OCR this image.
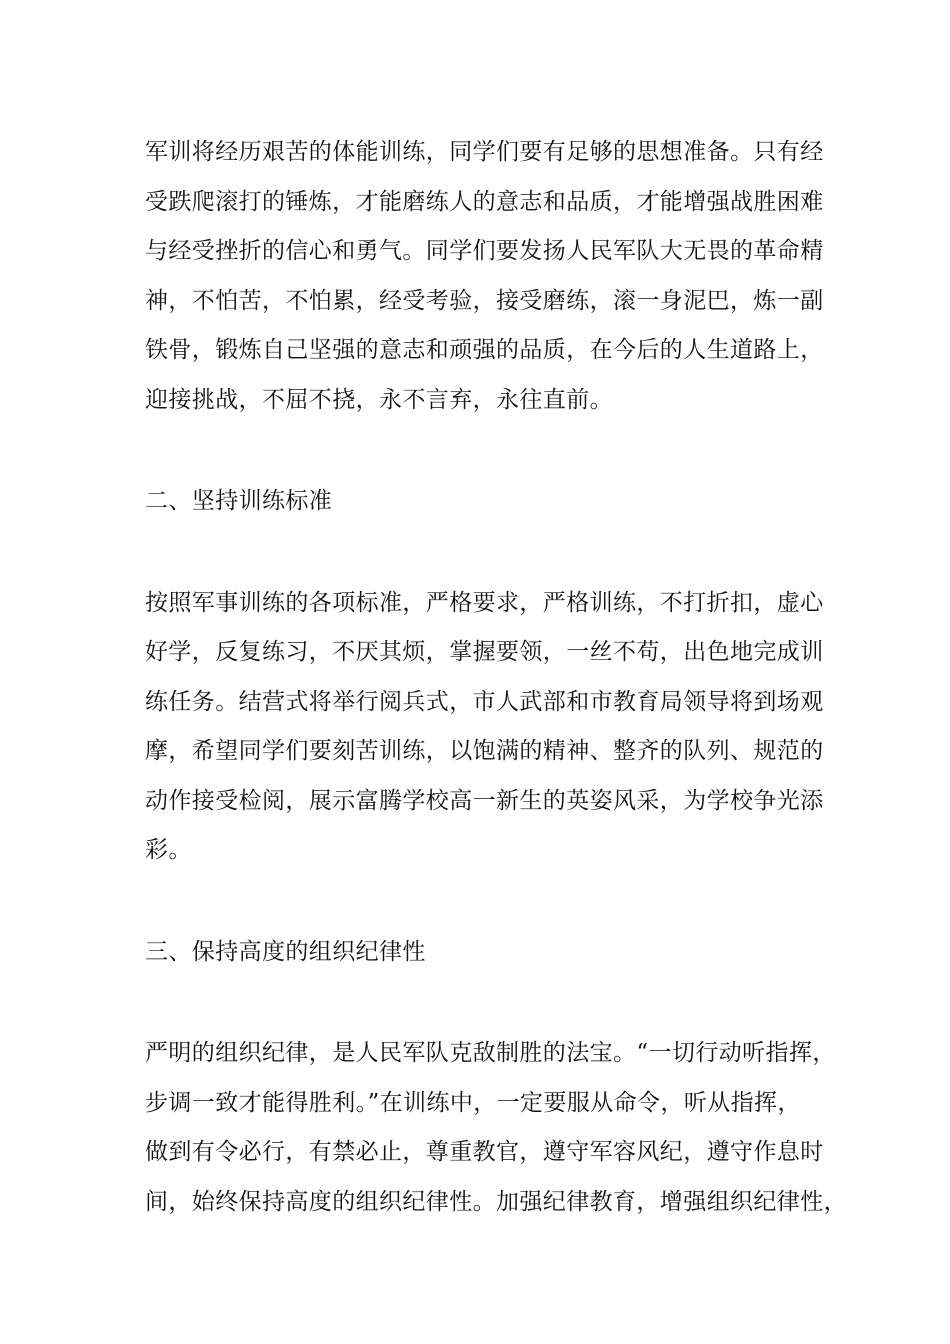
军训将经历艰苦的体能训练，同学们要有足够的思想准备。只有经
受跌爬滚打的锤炼，才能磨练人的意志和品质，才能增强战胜困难
与经受挫折的信心和勇气。同学们要发扬人民军队大无畏的革命精
神，不怕苦，不怕累，经受考验，接受磨练，滚一身泥巴，炼一副
铁骨，锻炼自己坚强的意志和顽强的品质，在今后的人生道路上，
迎接挑战，不屈不挠，永不言弃，永往直前。
二、坚持训练标准
按照军事训练的各项标准，严格要求，严格训练，不打折扣，虚心
好学，反复练习，不厌其烦，掌握要领，一丝不苟，出色地完成训
练任务。结营式将举行阅兵式，市人武部和市教育局领导将到场观
摩，希望同学们要刻苦训练，以饱满的精神、整齐的队列、规范的
动作接受检阅，展示富腾学校高一新生的英姿风采，为学校争光添
彩。
三、保持高度的组织纪律性
严明的组织纪律，是人民军队克敌制胜的法宝。“一切行动听指挥，
步调一致才能得胜利。”在训练中，一定要服从命令，听从指挥，
做到有令必行，有禁必止，尊重教官，遵守军容风纪，遵守作息时
间，始终保持高度的组织纪律性。加强纪律教育，增强组织纪律性，
